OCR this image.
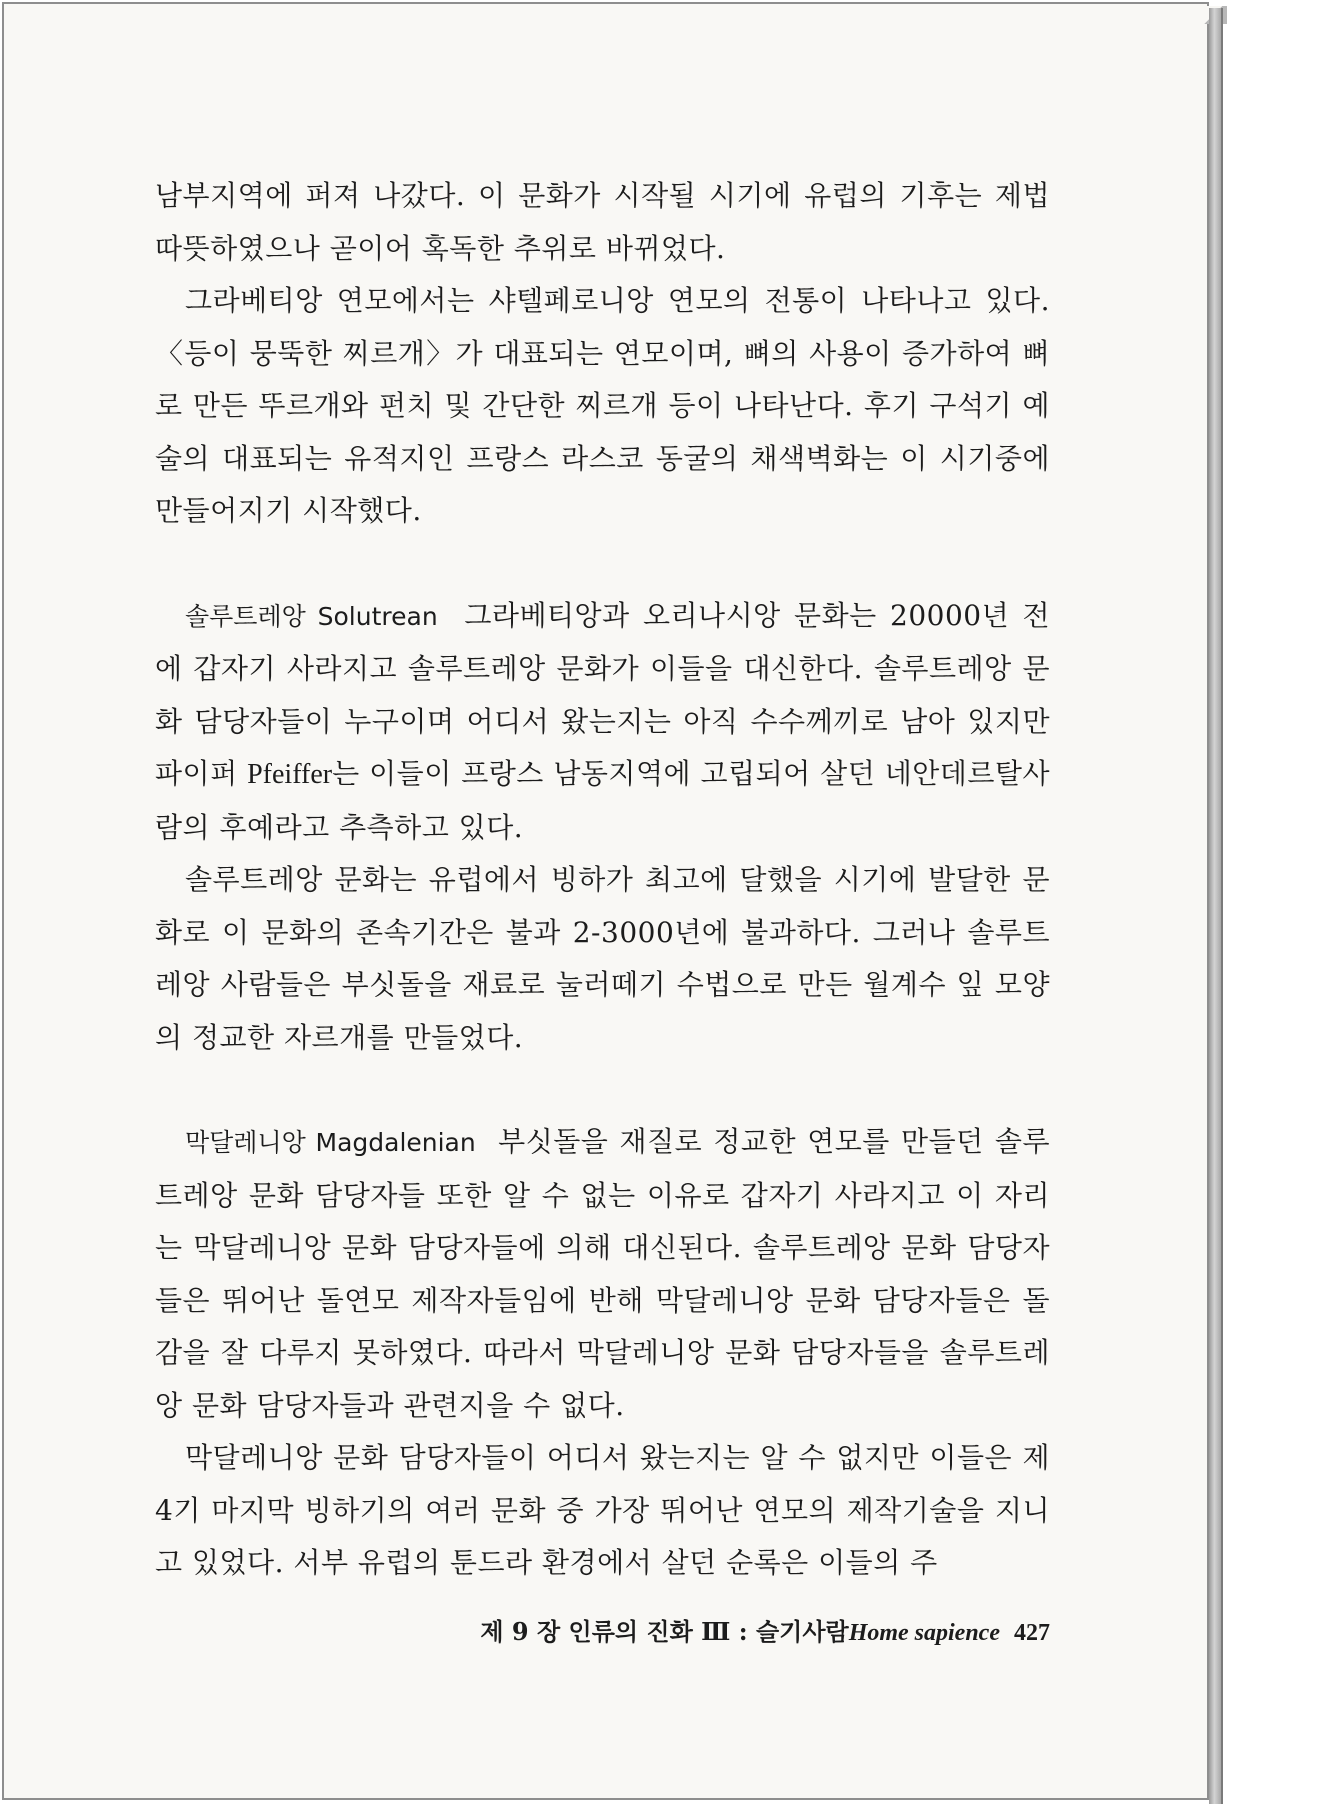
남부지역에 퍼져 나갔다. 이 문화가 시작될 시기에 유럽의 기후는 제법 따뜻하였으나 곧이어 혹독한 추위로 바뀌었다.

그라베티앙 연모에서는 샤텔페로니앙 연모의 전통이 나타나고 있다. 〈등이 뭉뚝한 찌르개〉가 대표되는 연모이며, 뼈의 사용이 증가하여 뼈로 만든 뚜르개와 펀치 및 간단한 찌르개 등이 나타난다. 후기 구석기 예술의 대표되는 유적지인 프랑스 라스코 동굴의 채색벽화는 이 시기중에 만들어지기 시작했다.

솔루트레앙 Solutrean 그라베티앙과 오리나시앙 문화는 20000년 전에 갑자기 사라지고 솔루트레앙 문화가 이들을 대신한다. 솔루트레앙 문화 담당자들이 누구이며 어디서 왔는지는 아직 수수께끼로 남아 있지만 파이퍼 Pfeiffer는 이들이 프랑스 남동지역에 고립되어 살던 네안데르탈사람의 후예라고 추측하고 있다.

솔루트레앙 문화는 유럽에서 빙하가 최고에 달했을 시기에 발달한 문화로 이 문화의 존속기간은 불과 2-3000년에 불과하다. 그러나 솔루트레앙 사람들은 부싯돌을 재료로 눌러떼기 수법으로 만든 월계수 잎 모양의 정교한 자르개를 만들었다.

막달레니앙 Magdalenian 부싯돌을 재질로 정교한 연모를 만들던 솔루트레앙 문화 담당자들 또한 알 수 없는 이유로 갑자기 사라지고 이 자리는 막달레니앙 문화 담당자들에 의해 대신된다. 솔루트레앙 문화 담당자들은 뛰어난 돌연모 제작자들임에 반해 막달레니앙 문화 담당자들은 돌감을 잘 다루지 못하였다. 따라서 막달레니앙 문화 담당자들을 솔루트레앙 문화 담당자들과 관련지을 수 없다.

막달레니앙 문화 담당자들이 어디서 왔는지는 알 수 없지만 이들은 제4기 마지막 빙하기의 여러 문화 중 가장 뛰어난 연모의 제작기술을 지니고 있었다. 서부 유럽의 툰드라 환경에서 살던 순록은 이들의 주

제 9 장 인류의 진화 Ⅲ : 슬기사람Home sapience 427
